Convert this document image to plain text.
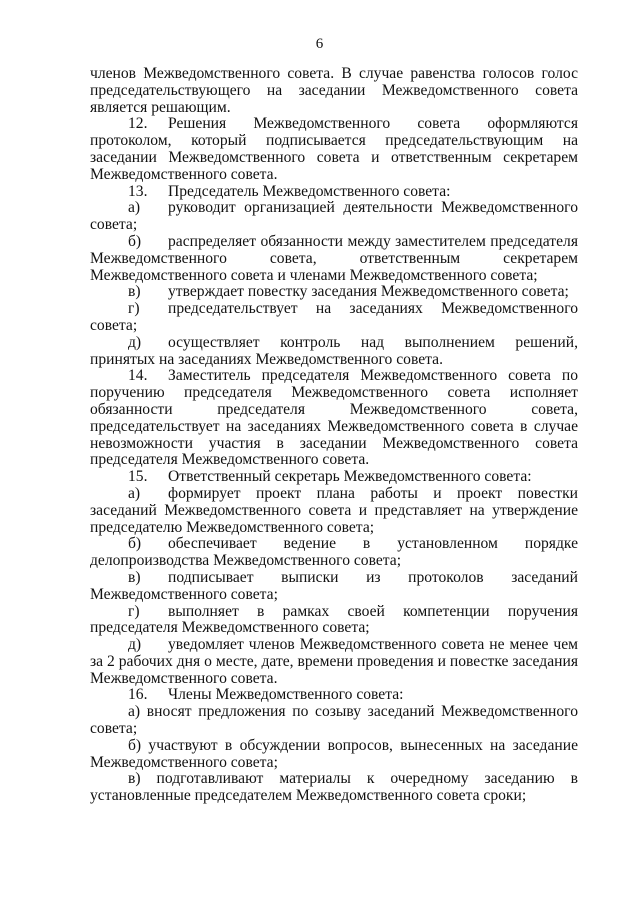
6

членов Межведомственного совета. В случае равенства голосов голос председательствующего на заседании Межведомственного совета является решающим.

12. Решения Межведомственного совета оформляются протоколом, который подписывается председательствующим на заседании Межведомственного совета и ответственным секретарем Межведомственного совета.

13. Председатель Межведомственного совета:

а) руководит организацией деятельности Межведомственного совета;

б) распределяет обязанности между заместителем председателя Межведомственного совета, ответственным секретарем Межведомственного совета и членами Межведомственного совета;

в) утверждает повестку заседания Межведомственного совета;

г) председательствует на заседаниях Межведомственного совета;

д) осуществляет контроль над выполнением решений, принятых на заседаниях Межведомственного совета.

14. Заместитель председателя Межведомственного совета по поручению председателя Межведомственного совета исполняет обязанности председателя Межведомственного совета, председательствует на заседаниях Межведомственного совета в случае невозможности участия в заседании Межведомственного совета председателя Межведомственного совета.

15. Ответственный секретарь Межведомственного совета:

а) формирует проект плана работы и проект повестки заседаний Межведомственного совета и представляет на утверждение председателю Межведомственного совета;

б) обеспечивает ведение в установленном порядке делопроизводства Межведомственного совета;

в) подписывает выписки из протоколов заседаний Межведомственного совета;

г) выполняет в рамках своей компетенции поручения председателя Межведомственного совета;

д) уведомляет членов Межведомственного совета не менее чем за 2 рабочих дня о месте, дате, времени проведения и повестке заседания Межведомственного совета.

16. Члены Межведомственного совета:

а) вносят предложения по созыву заседаний Межведомственного совета;

б) участвуют в обсуждении вопросов, вынесенных на заседание Межведомственного совета;

в) подготавливают материалы к очередному заседанию в установленные председателем Межведомственного совета сроки;
